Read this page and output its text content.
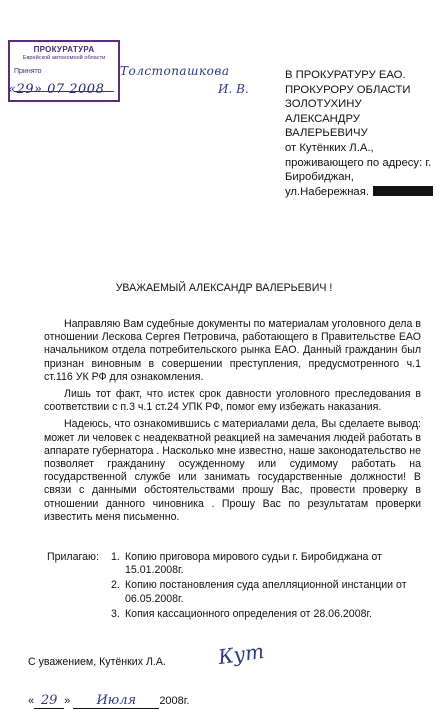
ПРОКУРАТУРА
Еврейской автономной области
Принято
«29» 07 2008
Толстопашкова
И. В.
В ПРОКУРАТУРУ ЕАО.
ПРОКУРОРУ ОБЛАСТИ
ЗОЛОТУХИНУ
АЛЕКСАНДРУ
ВАЛЕРЬЕВИЧУ
от Кутёнких Л.А.,
проживающего по адресу: г.
Биробиджан,
ул.Набережная.
УВАЖАЕМЫЙ АЛЕКСАНДР ВАЛЕРЬЕВИЧ !

Направляю Вам судебные документы по материалам уголовного дела в отношении Лескова Сергея Петровича, работающего в Правительстве ЕАО начальником отдела потребительского рынка ЕАО. Данный гражданин был признан виновным в совершении преступления, предусмотренного ч.1 ст.116 УК РФ для ознакомления.

Лишь тот факт, что истек срок давности уголовного преследования в соответствии с п.3 ч.1 ст.24 УПК РФ, помог ему избежать наказания.

Надеюсь, что ознакомившись с материалами дела, Вы сделаете вывод: может ли человек с неадекватной реакцией на замечания людей работать в аппарате губернатора . Насколько мне известно, наше законодательство не позволяет гражданину осужденному или судимому работать на государственной службе или занимать государственные должности! В связи с данными обстоятельствами прошу Вас, провести проверку в отношении данного чиновника . Прошу Вас по результатам проверки известить меня письменно.

Прилагаю: 1. Копию приговора мирового судьи г. Биробиджана от 15.01.2008г.
2. Копию постановления суда апелляционной инстанции от 06.05.2008г.
3. Копия кассационного определения от 28.06.2008г.
С уважением, Кутёнких Л.А.	Кут
« 29 » Июля 2008г.
